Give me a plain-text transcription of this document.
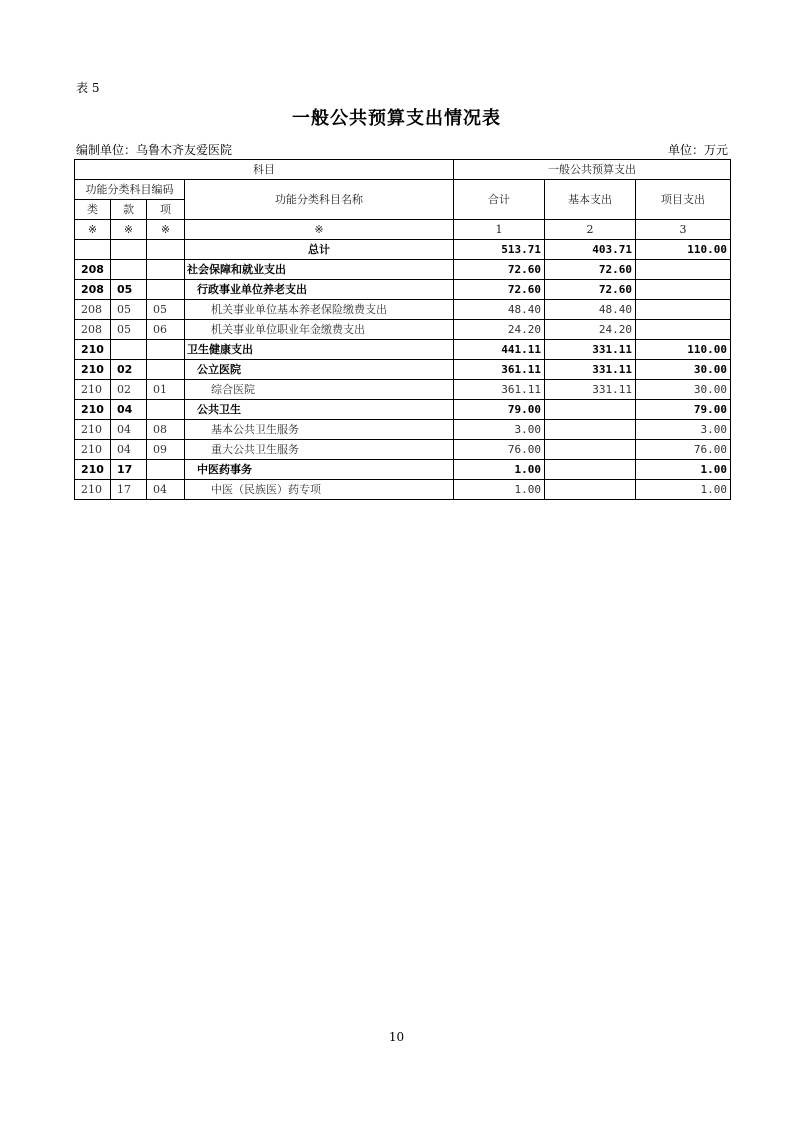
表 5
一般公共预算支出情况表
编制单位：乌鲁木齐友爱医院	单位：万元
科目				一般公共预算支出		
功能分类科目编码			功能分类科目名称	合计	基本支出	项目支出
类	款	项				
※	※	※	※	1	2	3
			总计	513.71	403.71	110.00
208			社会保障和就业支出	72.60	72.60	
208	05		行政事业单位养老支出	72.60	72.60	
208	05	05	机关事业单位基本养老保险缴费支出	48.40	48.40	
208	05	06	机关事业单位职业年金缴费支出	24.20	24.20	
210			卫生健康支出	441.11	331.11	110.00
210	02		公立医院	361.11	331.11	30.00
210	02	01	综合医院	361.11	331.11	30.00
210	04		公共卫生	79.00		79.00
210	04	08	基本公共卫生服务	3.00		3.00
210	04	09	重大公共卫生服务	76.00		76.00
210	17		中医药事务	1.00		1.00
210	17	04	中医（民族医）药专项	1.00		1.00
10
